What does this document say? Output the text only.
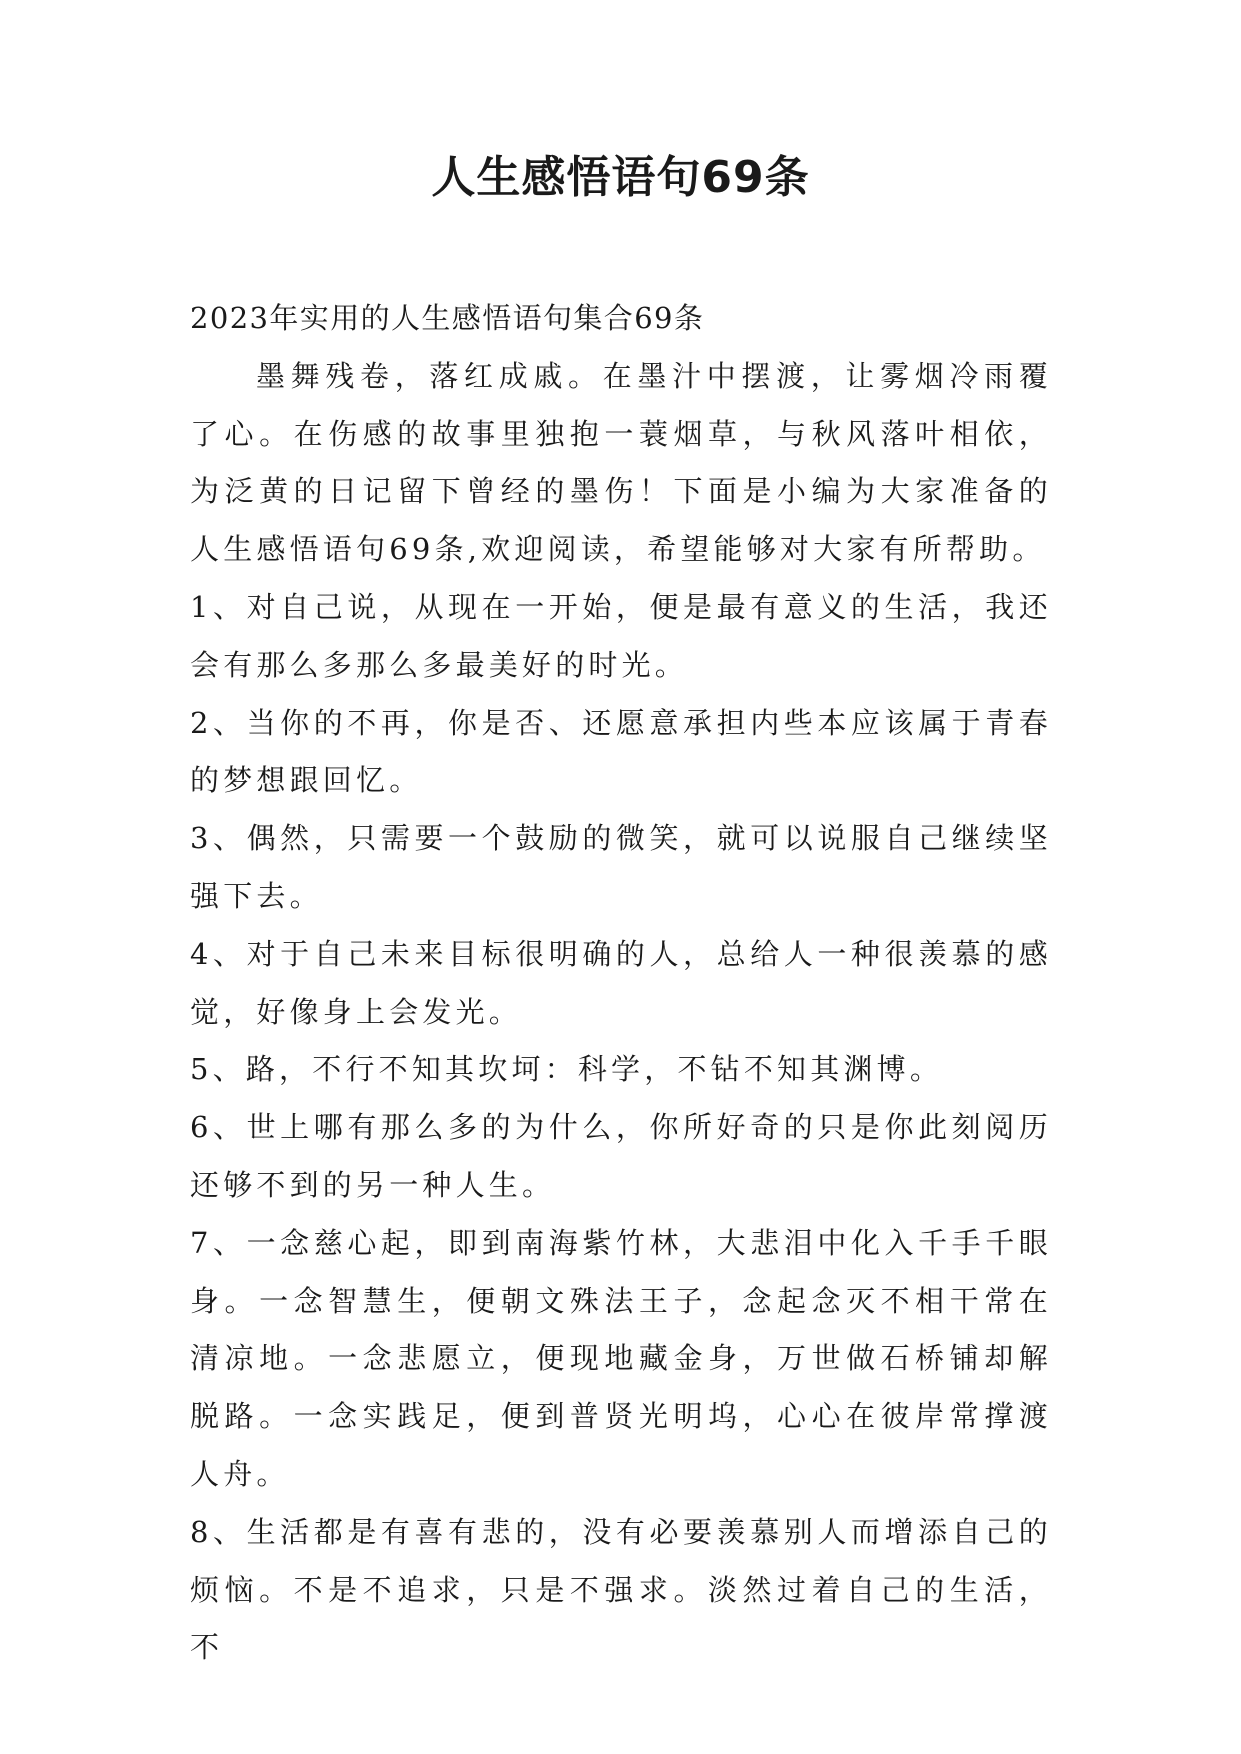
人生感悟语句69条

2023年实用的人生感悟语句集合69条

墨舞残卷，落红成戚。在墨汁中摆渡，让雾烟冷雨覆了心。在伤感的故事里独抱一蓑烟草，与秋风落叶相依，为泛黄的日记留下曾经的墨伤！下面是小编为大家准备的人生感悟语句69条,欢迎阅读，希望能够对大家有所帮助。

1、对自己说，从现在一开始，便是最有意义的生活，我还会有那么多那么多最美好的时光。

2、当你的不再，你是否、还愿意承担内些本应该属于青春的梦想跟回忆。

3、偶然，只需要一个鼓励的微笑，就可以说服自己继续坚强下去。

4、对于自己未来目标很明确的人，总给人一种很羡慕的感觉，好像身上会发光。

5、路，不行不知其坎坷：科学，不钻不知其渊博。

6、世上哪有那么多的为什么，你所好奇的只是你此刻阅历还够不到的另一种人生。

7、一念慈心起，即到南海紫竹林，大悲泪中化入千手千眼身。一念智慧生，便朝文殊法王子，念起念灭不相干常在清凉地。一念悲愿立，便现地藏金身，万世做石桥铺却解脱路。一念实践足，便到普贤光明坞，心心在彼岸常撑渡人舟。

8、生活都是有喜有悲的，没有必要羡慕别人而增添自己的烦恼。不是不追求，只是不强求。淡然过着自己的生活，不
